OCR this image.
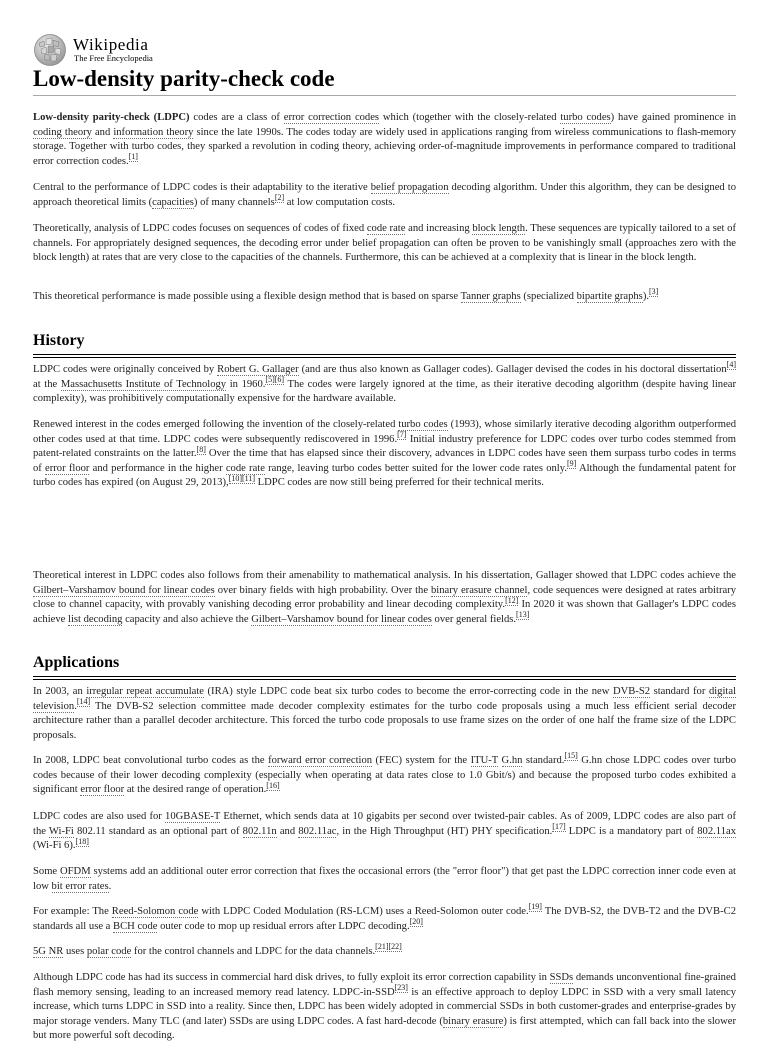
Wikipedia
The Free Encyclopedia
Low-density parity-check code

Low-density parity-check (LDPC) codes are a class of error correction codes which (together with the closely-related turbo codes) have gained prominence in coding theory and information theory since the late 1990s. The codes today are widely used in applications ranging from wireless communications to flash-memory storage. Together with turbo codes, they sparked a revolution in coding theory, achieving order-of-magnitude improvements in performance compared to traditional error correction codes.[1]

Central to the performance of LDPC codes is their adaptability to the iterative belief propagation decoding algorithm. Under this algorithm, they can be designed to approach theoretical limits (capacities) of many channels[2] at low computation costs.

Theoretically, analysis of LDPC codes focuses on sequences of codes of fixed code rate and increasing block length. These sequences are typically tailored to a set of channels. For appropriately designed sequences, the decoding error under belief propagation can often be proven to be vanishingly small (approaches zero with the block length) at rates that are very close to the capacities of the channels. Furthermore, this can be achieved at a complexity that is linear in the block length.

This theoretical performance is made possible using a flexible design method that is based on sparse Tanner graphs (specialized bipartite graphs).[3]

History

LDPC codes were originally conceived by Robert G. Gallager (and are thus also known as Gallager codes). Gallager devised the codes in his doctoral dissertation[4] at the Massachusetts Institute of Technology in 1960.[5][6] The codes were largely ignored at the time, as their iterative decoding algorithm (despite having linear complexity), was prohibitively computationally expensive for the hardware available.

Renewed interest in the codes emerged following the invention of the closely-related turbo codes (1993), whose similarly iterative decoding algorithm outperformed other codes used at that time. LDPC codes were subsequently rediscovered in 1996.[7] Initial industry preference for LDPC codes over turbo codes stemmed from patent-related constraints on the latter.[8] Over the time that has elapsed since their discovery, advances in LDPC codes have seen them surpass turbo codes in terms of error floor and performance in the higher code rate range, leaving turbo codes better suited for the lower code rates only.[9] Although the fundamental patent for turbo codes has expired (on August 29, 2013),[10][11] LDPC codes are now still being preferred for their technical merits.

Theoretical interest in LDPC codes also follows from their amenability to mathematical analysis. In his dissertation, Gallager showed that LDPC codes achieve the Gilbert–Varshamov bound for linear codes over binary fields with high probability. Over the binary erasure channel, code sequences were designed at rates arbitrary close to channel capacity, with provably vanishing decoding error probability and linear decoding complexity.[12] In 2020 it was shown that Gallager's LDPC codes achieve list decoding capacity and also achieve the Gilbert–Varshamov bound for linear codes over general fields.[13]

Applications

In 2003, an irregular repeat accumulate (IRA) style LDPC code beat six turbo codes to become the error-correcting code in the new DVB-S2 standard for digital television.[14] The DVB-S2 selection committee made decoder complexity estimates for the turbo code proposals using a much less efficient serial decoder architecture rather than a parallel decoder architecture. This forced the turbo code proposals to use frame sizes on the order of one half the frame size of the LDPC proposals.

In 2008, LDPC beat convolutional turbo codes as the forward error correction (FEC) system for the ITU-T G.hn standard.[15] G.hn chose LDPC codes over turbo codes because of their lower decoding complexity (especially when operating at data rates close to 1.0 Gbit/s) and because the proposed turbo codes exhibited a significant error floor at the desired range of operation.[16]

LDPC codes are also used for 10GBASE-T Ethernet, which sends data at 10 gigabits per second over twisted-pair cables. As of 2009, LDPC codes are also part of the Wi-Fi 802.11 standard as an optional part of 802.11n and 802.11ac, in the High Throughput (HT) PHY specification.[17] LDPC is a mandatory part of 802.11ax (Wi-Fi 6).[18]

Some OFDM systems add an additional outer error correction that fixes the occasional errors (the "error floor") that get past the LDPC correction inner code even at low bit error rates.

For example: The Reed-Solomon code with LDPC Coded Modulation (RS-LCM) uses a Reed-Solomon outer code.[19] The DVB-S2, the DVB-T2 and the DVB-C2 standards all use a BCH code outer code to mop up residual errors after LDPC decoding.[20]

5G NR uses polar code for the control channels and LDPC for the data channels.[21][22]

Although LDPC code has had its success in commercial hard disk drives, to fully exploit its error correction capability in SSDs demands unconventional fine-grained flash memory sensing, leading to an increased memory read latency. LDPC-in-SSD[23] is an effective approach to deploy LDPC in SSD with a very small latency increase, which turns LDPC in SSD into a reality. Since then, LDPC has been widely adopted in commercial SSDs in both customer-grades and enterprise-grades by major storage venders. Many TLC (and later) SSDs are using LDPC codes. A fast hard-decode (binary erasure) is first attempted, which can fall back into the slower but more powerful soft decoding.
